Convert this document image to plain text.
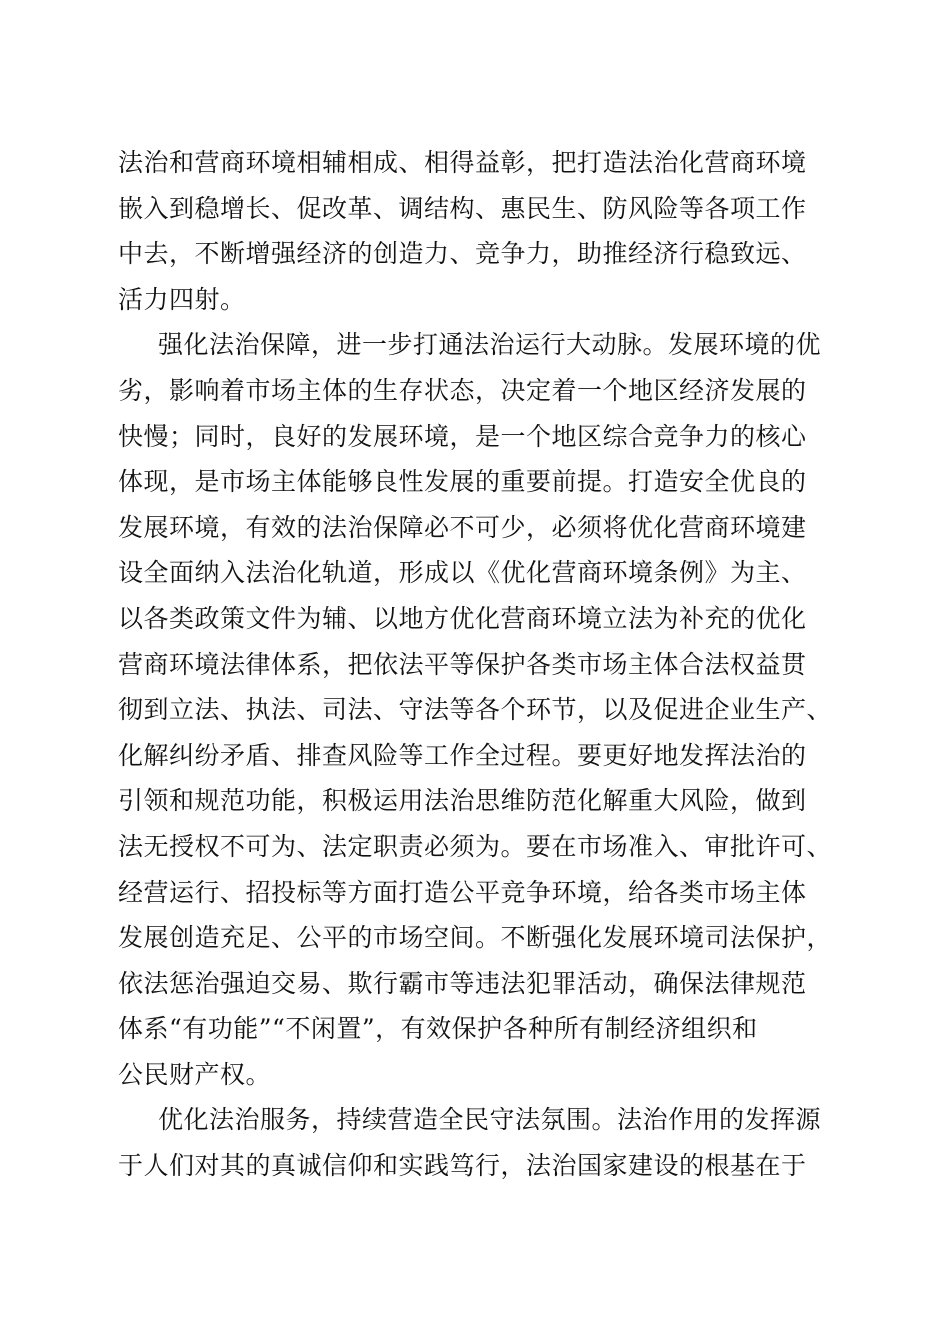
法治和营商环境相辅相成、相得益彰，把打造法治化营商环境
嵌入到稳增长、促改革、调结构、惠民生、防风险等各项工作
中去，不断增强经济的创造力、竞争力，助推经济行稳致远、
活力四射。
强化法治保障，进一步打通法治运行大动脉。发展环境的优
劣，影响着市场主体的生存状态，决定着一个地区经济发展的
快慢；同时，良好的发展环境，是一个地区综合竞争力的核心
体现，是市场主体能够良性发展的重要前提。打造安全优良的
发展环境，有效的法治保障必不可少，必须将优化营商环境建
设全面纳入法治化轨道，形成以《优化营商环境条例》为主、
以各类政策文件为辅、以地方优化营商环境立法为补充的优化
营商环境法律体系，把依法平等保护各类市场主体合法权益贯
彻到立法、执法、司法、守法等各个环节，以及促进企业生产、
化解纠纷矛盾、排查风险等工作全过程。要更好地发挥法治的
引领和规范功能，积极运用法治思维防范化解重大风险，做到
法无授权不可为、法定职责必须为。要在市场准入、审批许可、
经营运行、招投标等方面打造公平竞争环境，给各类市场主体
发展创造充足、公平的市场空间。不断强化发展环境司法保护，
依法惩治强迫交易、欺行霸市等违法犯罪活动，确保法律规范
体系“有功能”“不闲置”，有效保护各种所有制经济组织和
公民财产权。
优化法治服务，持续营造全民守法氛围。法治作用的发挥源
于人们对其的真诚信仰和实践笃行，法治国家建设的根基在于
